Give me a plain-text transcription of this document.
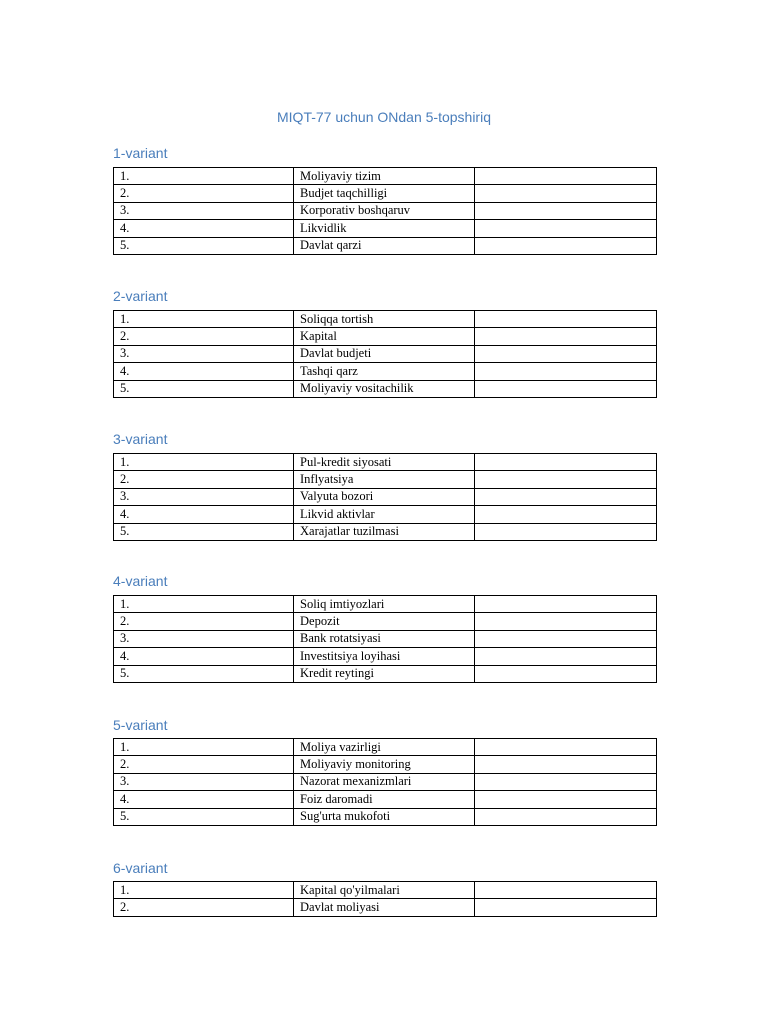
MIQT-77 uchun ONdan 5-topshiriq
1-variant
1.	Moliyaviy tizim	
2.	Budjet taqchilligi	
3.	Korporativ boshqaruv	
4.	Likvidlik	
5.	Davlat qarzi	
2-variant
1.	Soliqqa tortish	
2.	Kapital	
3.	Davlat budjeti	
4.	Tashqi qarz	
5.	Moliyaviy vositachilik	
3-variant
1.	Pul-kredit siyosati	
2.	Inflyatsiya	
3.	Valyuta bozori	
4.	Likvid aktivlar	
5.	Xarajatlar tuzilmasi	
4-variant
1.	Soliq imtiyozlari	
2.	Depozit	
3.	Bank rotatsiyasi	
4.	Investitsiya loyihasi	
5.	Kredit reytingi	
5-variant
1.	Moliya vazirligi	
2.	Moliyaviy monitoring	
3.	Nazorat mexanizmlari	
4.	Foiz daromadi	
5.	Sug'urta mukofoti	
6-variant
1.	Kapital qo'yilmalari	
2.	Davlat moliyasi	
